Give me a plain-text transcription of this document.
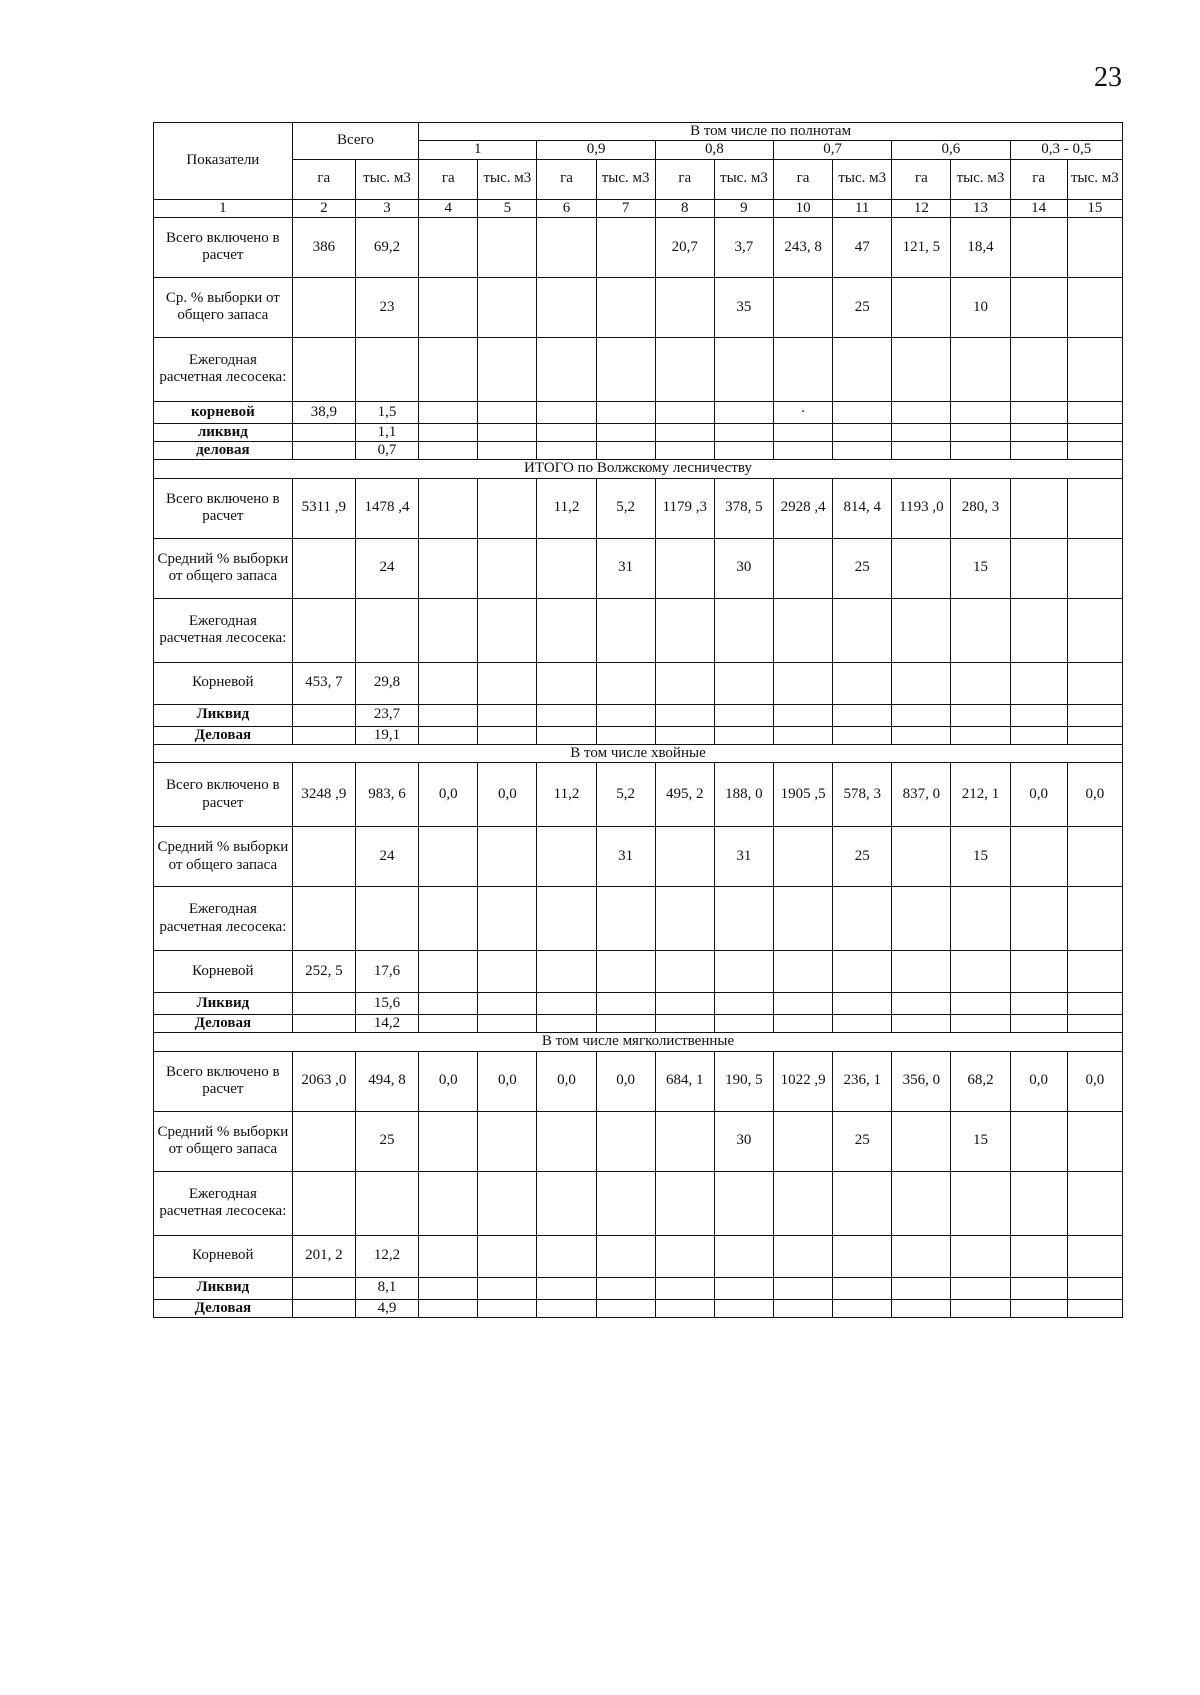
23
Показатели	Всего		В том числе по полнотам											
			1		0,9		0,8		0,7		0,6		0,3 - 0,5	
	га	тыс. м3	га	тыс. м3	га	тыс. м3	га	тыс. м3	га	тыс. м3	га	тыс. м3	га	тыс. м3
1	2	3	4	5	6	7	8	9	10	11	12	13	14	15
Всего включено в расчет	386	69,2					20,7	3,7	243, 8	47	121, 5	18,4		
Ср. % выборки от общего запаса		23						35		25		10		
Ежегодная расчетная лесосека:														
корневой	38,9	1,5							·					
ликвид		1,1												
деловая		0,7												
ИТОГО по Волжскому лесничеству														
Всего включено в расчет	5311 ,9	1478 ,4			11,2	5,2	1179 ,3	378, 5	2928 ,4	814, 4	1193 ,0	280, 3		
Средний % выборки от общего запаса		24				31		30		25		15		
Ежегодная расчетная лесосека:														
Корневой	453, 7	29,8												
Ликвид		23,7												
Деловая		19,1												
В том числе хвойные														
Всего включено в расчет	3248 ,9	983, 6	0,0	0,0	11,2	5,2	495, 2	188, 0	1905 ,5	578, 3	837, 0	212, 1	0,0	0,0
Средний % выборки от общего запаса		24				31		31		25		15		
Ежегодная расчетная лесосека:														
Корневой	252, 5	17,6												
Ликвид		15,6												
Деловая		14,2												
В том числе мягколиственные														
Всего включено в расчет	2063 ,0	494, 8	0,0	0,0	0,0	0,0	684, 1	190, 5	1022 ,9	236, 1	356, 0	68,2	0,0	0,0
Средний % выборки от общего запаса		25						30		25		15		
Ежегодная расчетная лесосека:														
Корневой	201, 2	12,2												
Ликвид		8,1												
Деловая		4,9												
